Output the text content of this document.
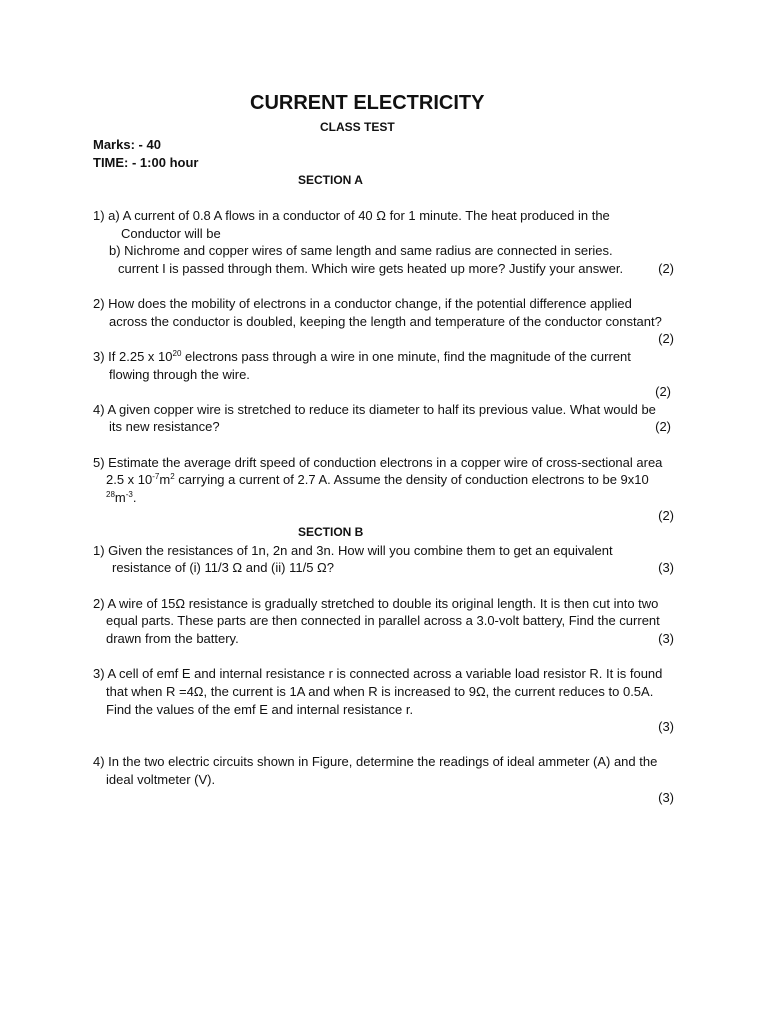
CURRENT ELECTRICITY
CLASS TEST
Marks: - 40
TIME: - 1:00 hour
SECTION A
1) a) A current of 0.8 A flows in a conductor of 40 Ω for 1 minute. The heat produced in the
Conductor will be
b) Nichrome and copper wires of same length and same radius are connected in series.
current I is passed through them. Which wire gets heated up more? Justify your answer.	(2)
2) How does the mobility of electrons in a conductor change, if the potential difference applied
across the conductor is doubled, keeping the length and temperature of the conductor constant?
(2)
3) If 2.25 x $10^{20}$ electrons pass through a wire in one minute, find the magnitude of the current
flowing through the wire.
(2)
4) A given copper wire is stretched to reduce its diameter to half its previous value. What would be
its new resistance?	(2)
5) Estimate the average drift speed of conduction electrons in a copper wire of cross-sectional area
2.5 x $10^{-7}m^2$ carrying a current of 2.7 A. Assume the density of conduction electrons to be 9x10
$^{28}m^{-3}$.
(2)
SECTION B
1) Given the resistances of 1n, 2n and 3n. How will you combine them to get an equivalent
resistance of (i) 11/3 Ω and (ii) 11/5 Ω?	(3)
2) A wire of 15Ω resistance is gradually stretched to double its original length. It is then cut into two
equal parts. These parts are then connected in parallel across a 3.0-volt battery, Find the current
drawn from the battery.	(3)
3) A cell of emf E and internal resistance r is connected across a variable load resistor R. It is found
that when R =4Ω, the current is 1A and when R is increased to 9Ω, the current reduces to 0.5A.
Find the values of the emf E and internal resistance r.
(3)
4) In the two electric circuits shown in Figure, determine the readings of ideal ammeter (A) and the
ideal voltmeter (V).
(3)
